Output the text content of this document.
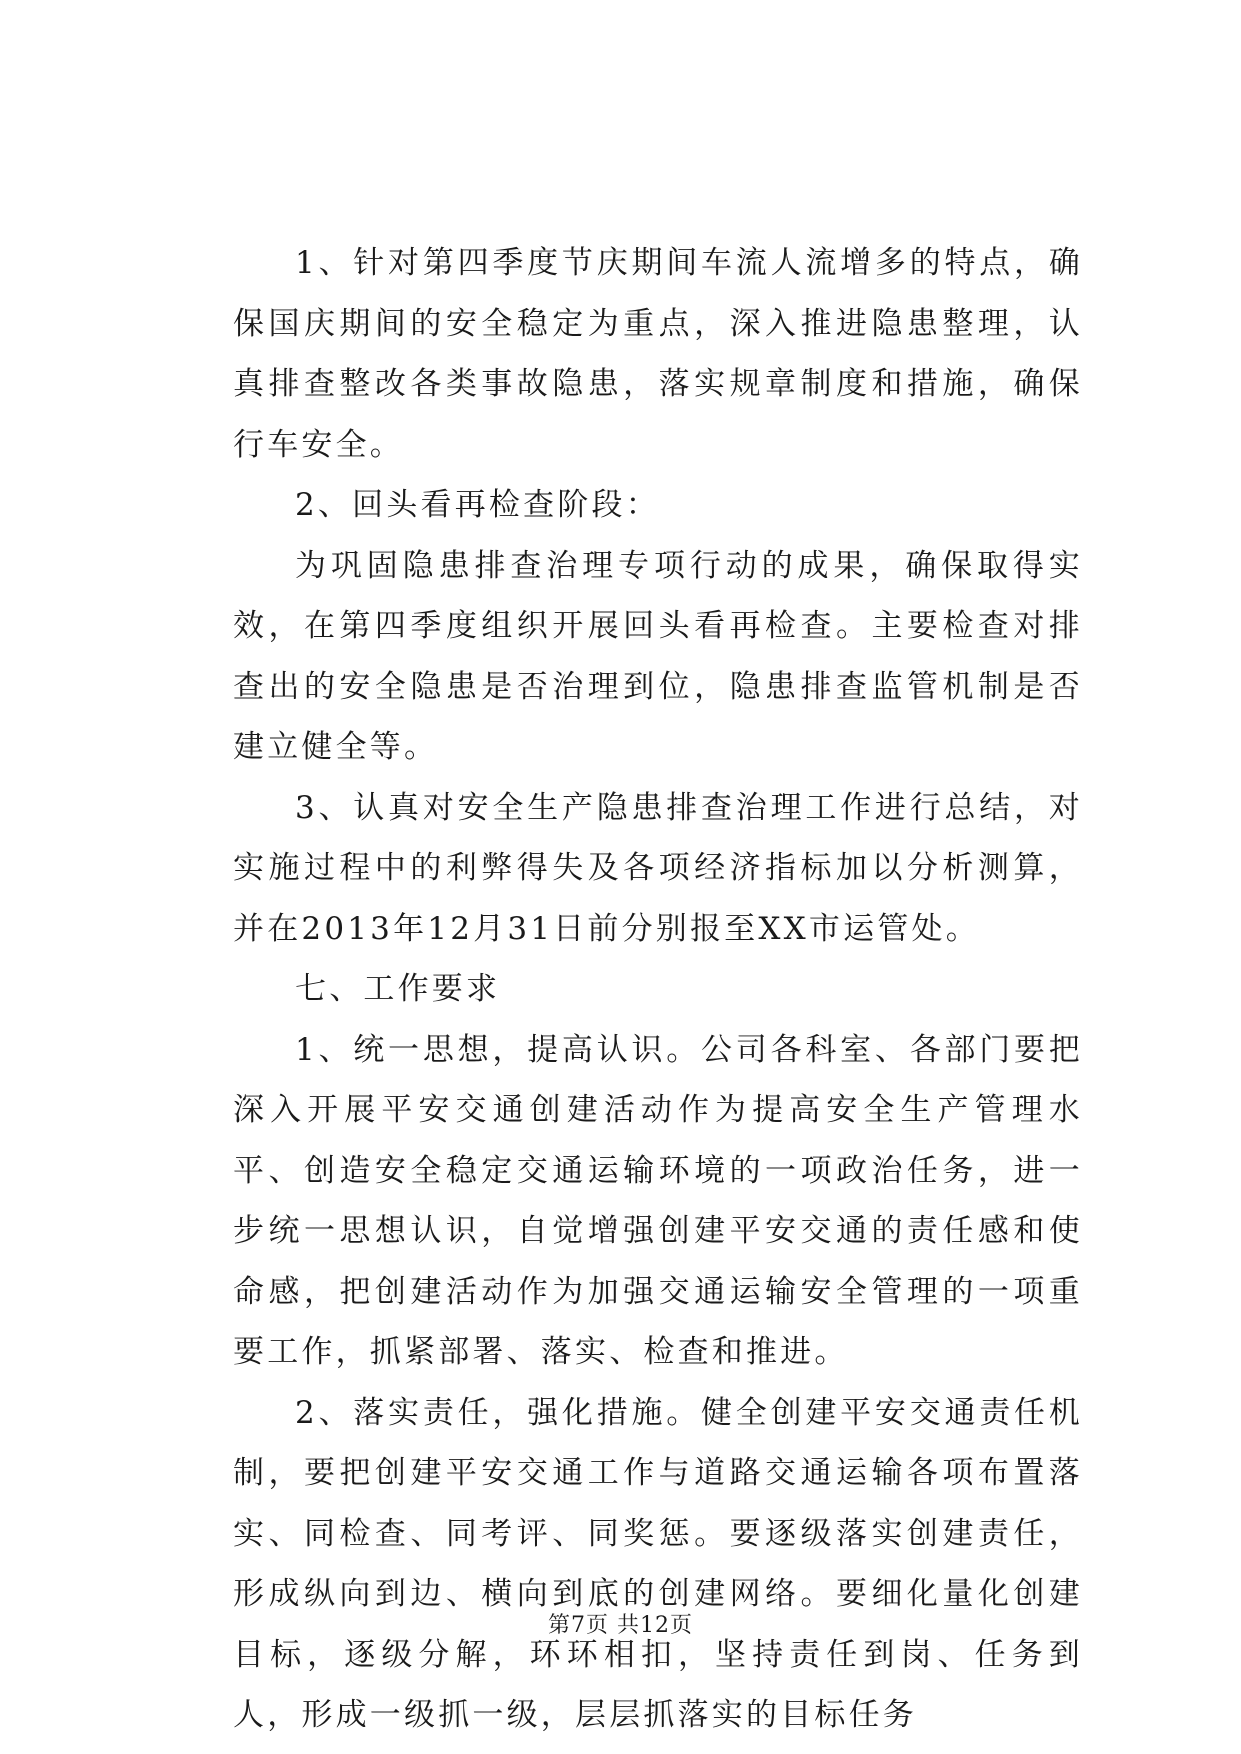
1、针对第四季度节庆期间车流人流增多的特点，确保国庆期间的安全稳定为重点，深入推进隐患整理，认真排查整改各类事故隐患，落实规章制度和措施，确保行车安全。

2、回头看再检查阶段：

为巩固隐患排查治理专项行动的成果，确保取得实效，在第四季度组织开展回头看再检查。主要检查对排查出的安全隐患是否治理到位，隐患排查监管机制是否建立健全等。

3、认真对安全生产隐患排查治理工作进行总结，对实施过程中的利弊得失及各项经济指标加以分析测算，并在2013年12月31日前分别报至XX市运管处。

七、工作要求

1、统一思想，提高认识。公司各科室、各部门要把深入开展平安交通创建活动作为提高安全生产管理水平、创造安全稳定交通运输环境的一项政治任务，进一步统一思想认识，自觉增强创建平安交通的责任感和使命感，把创建活动作为加强交通运输安全管理的一项重要工作，抓紧部署、落实、检查和推进。

2、落实责任，强化措施。健全创建平安交通责任机制，要把创建平安交通工作与道路交通运输各项布置落实、同检查、同考评、同奖惩。要逐级落实创建责任，形成纵向到边、横向到底的创建网络。要细化量化创建目标，逐级分解，环环相扣，坚持责任到岗、任务到人，形成一级抓一级，层层抓落实的目标任务

第7页 共12页
